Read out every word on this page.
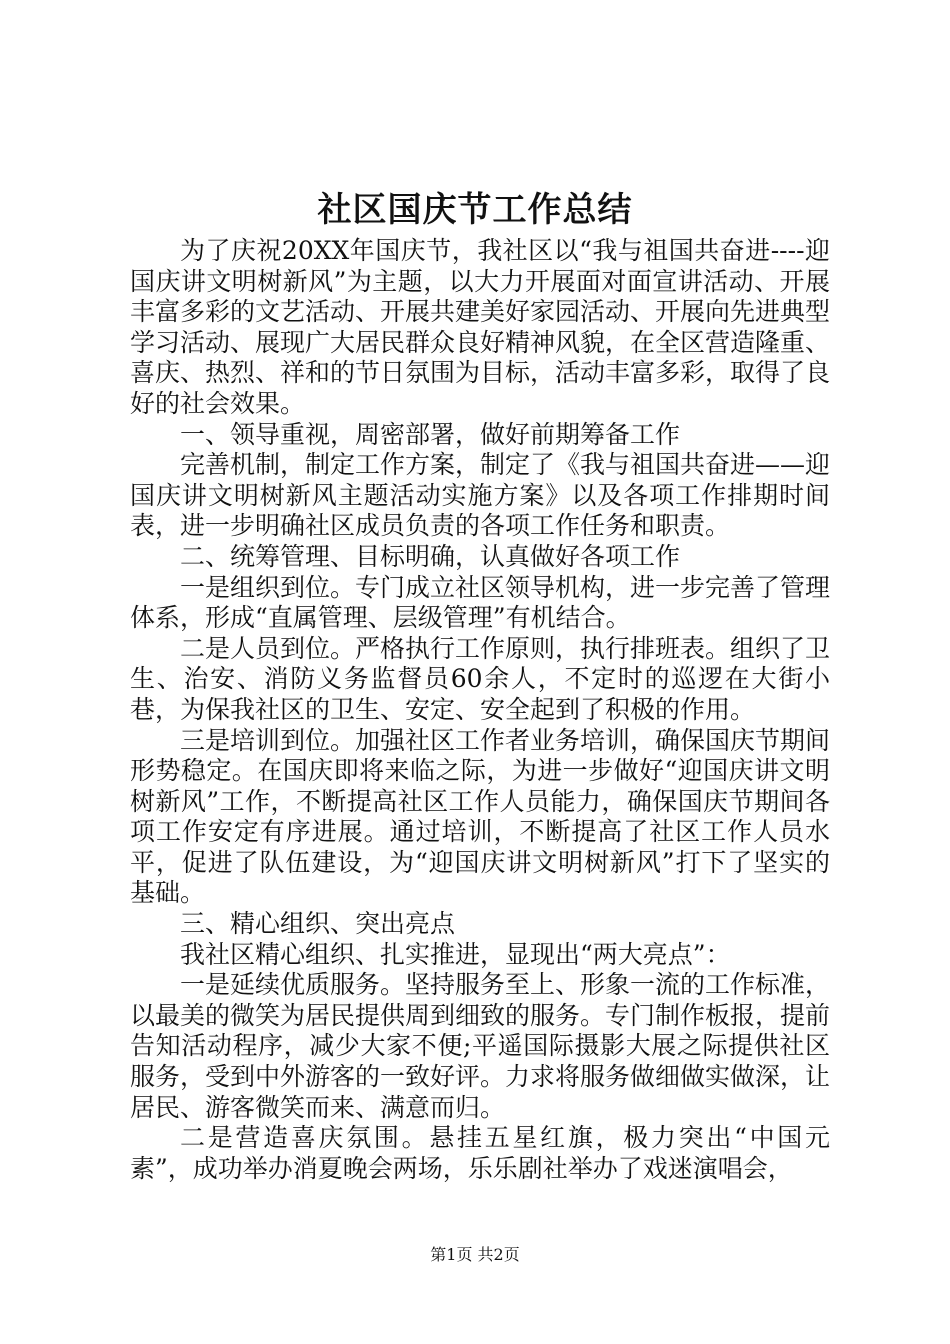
社区国庆节工作总结

为了庆祝20XX年国庆节，我社区以“我与祖国共奋进----迎国庆讲文明树新风”为主题，以大力开展面对面宣讲活动、开展丰富多彩的文艺活动、开展共建美好家园活动、开展向先进典型学习活动、展现广大居民群众良好精神风貌，在全区营造隆重、喜庆、热烈、祥和的节日氛围为目标，活动丰富多彩，取得了良好的社会效果。

一、领导重视，周密部署，做好前期筹备工作

完善机制，制定工作方案，制定了《我与祖国共奋进——迎国庆讲文明树新风主题活动实施方案》以及各项工作排期时间表，进一步明确社区成员负责的各项工作任务和职责。

二、统筹管理、目标明确，认真做好各项工作

一是组织到位。专门成立社区领导机构，进一步完善了管理体系，形成“直属管理、层级管理”有机结合。

二是人员到位。严格执行工作原则，执行排班表。组织了卫生、治安、消防义务监督员60余人，不定时的巡逻在大街小巷，为保我社区的卫生、安定、安全起到了积极的作用。

三是培训到位。加强社区工作者业务培训，确保国庆节期间形势稳定。在国庆即将来临之际，为进一步做好“迎国庆讲文明树新风”工作，不断提高社区工作人员能力，确保国庆节期间各项工作安定有序进展。通过培训，不断提高了社区工作人员水平，促进了队伍建设，为“迎国庆讲文明树新风”打下了坚实的基础。

三、精心组织、突出亮点

我社区精心组织、扎实推进，显现出“两大亮点”：

一是延续优质服务。坚持服务至上、形象一流的工作标准，以最美的微笑为居民提供周到细致的服务。专门制作板报，提前告知活动程序，减少大家不便;平遥国际摄影大展之际提供社区服务，受到中外游客的一致好评。力求将服务做细做实做深，让居民、游客微笑而来、满意而归。

二是营造喜庆氛围。悬挂五星红旗，极力突出“中国元素”，成功举办消夏晚会两场，乐乐剧社举办了戏迷演唱会，

第1页 共2页
